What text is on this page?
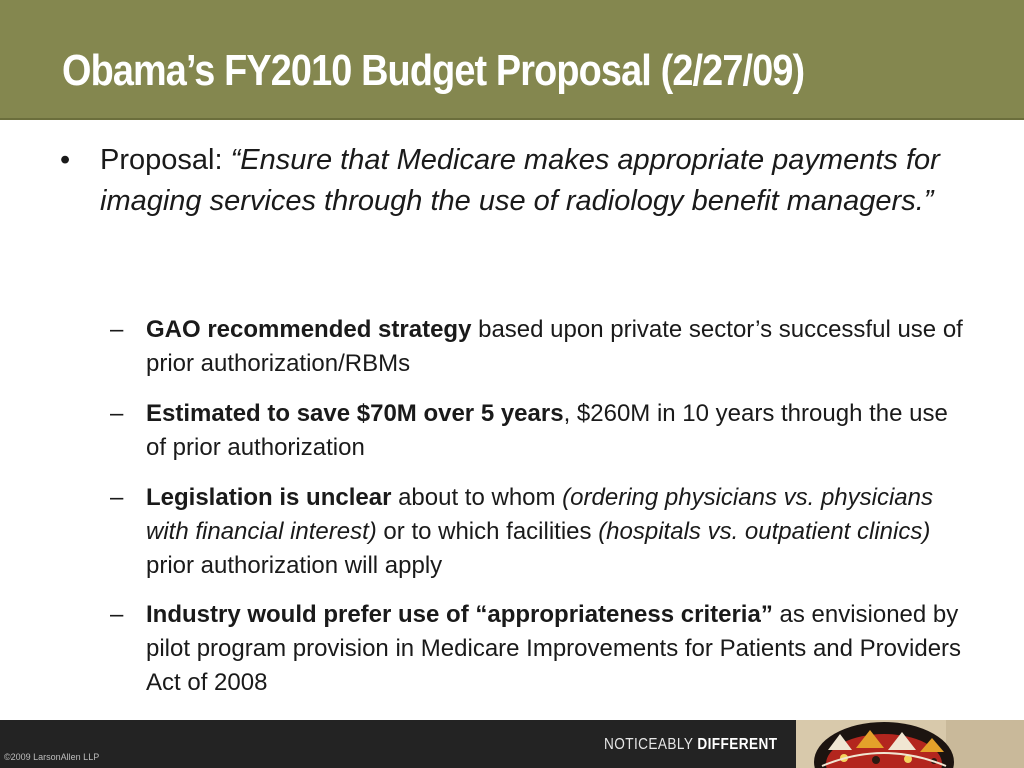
Obama’s FY2010 Budget Proposal (2/27/09)
•	Proposal: “Ensure that Medicare makes appropriate payments for imaging services through the use of radiology benefit managers.”
– GAO recommended strategy based upon private sector’s successful use of prior authorization/RBMs
– Estimated to save $70M over 5 years, $260M in 10 years through the use of prior authorization
– Legislation is unclear about to whom (ordering physicians vs. physicians with financial interest) or to which facilities (hospitals vs. outpatient clinics) prior authorization will apply
– Industry would prefer use of “appropriateness criteria” as envisioned by pilot program provision in Medicare Improvements for Patients and Providers Act of 2008
©2009 LarsonAllen LLP
NOTICEABLY DIFFERENT
